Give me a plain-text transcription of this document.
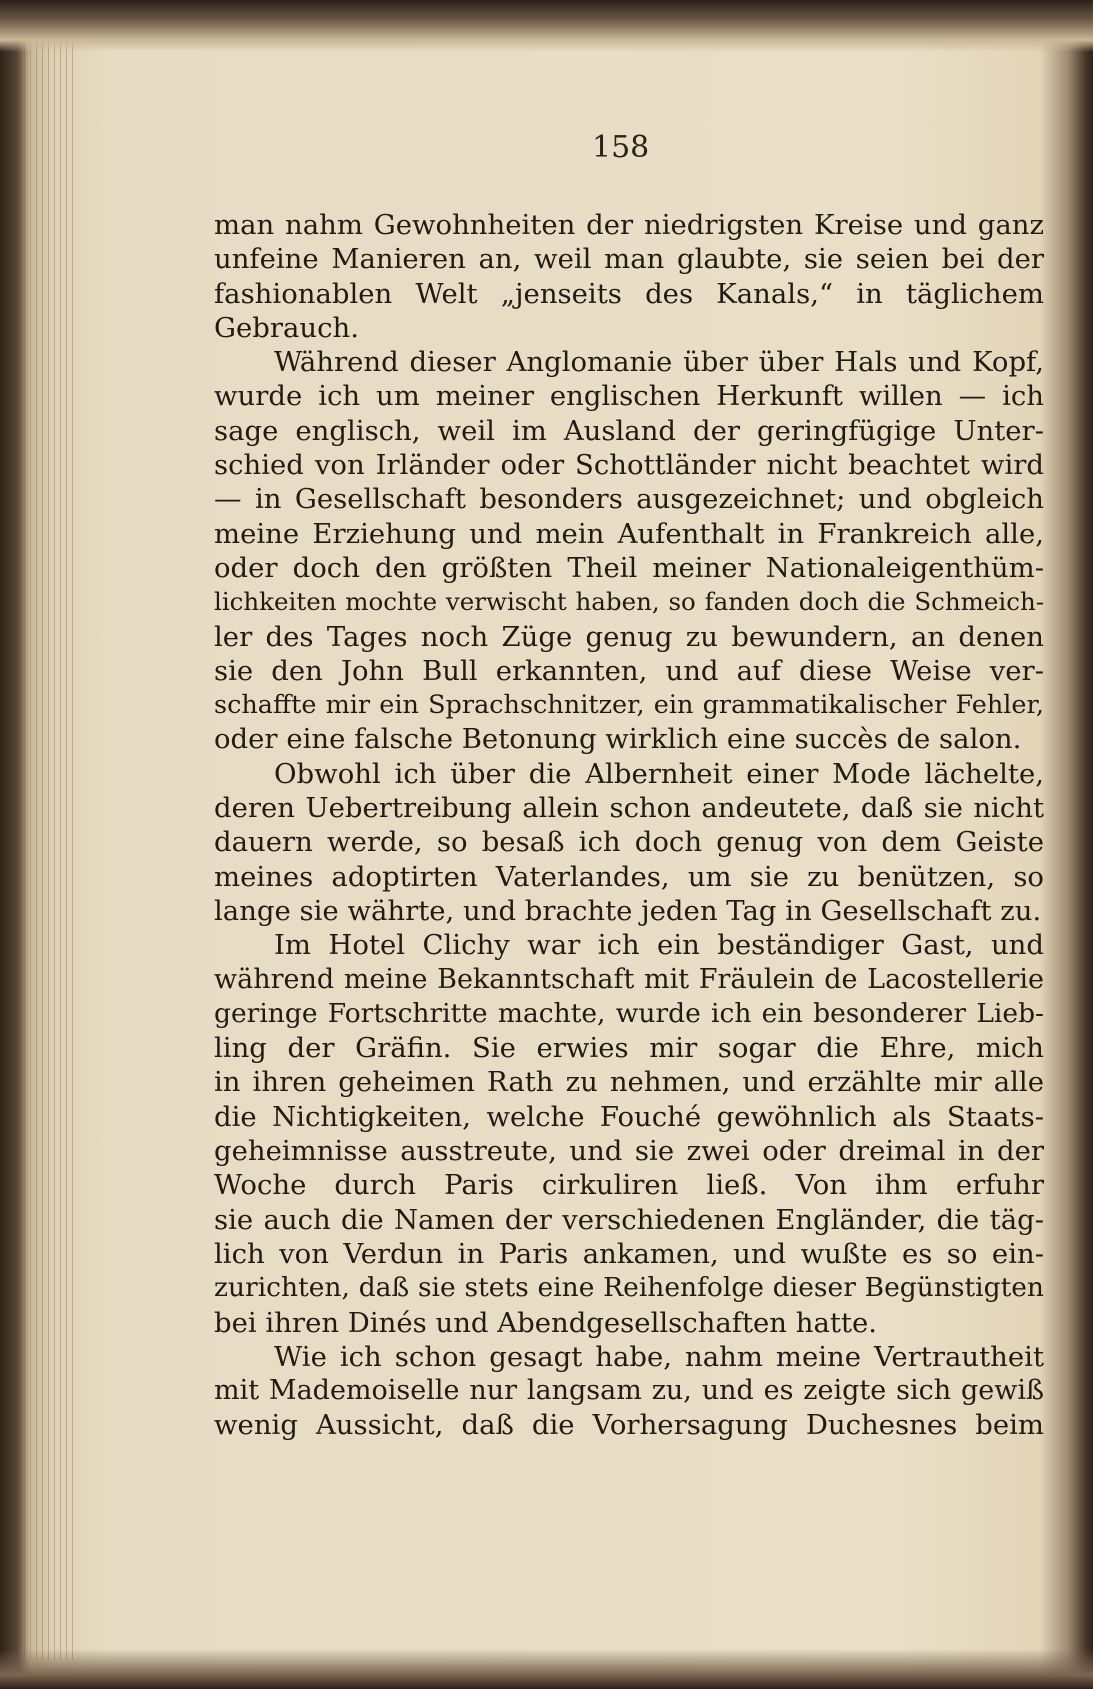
158
man nahm Gewohnheiten der niedrigsten Kreise und ganz
unfeine Manieren an, weil man glaubte, sie seien bei der
fashionablen Welt „jenseits des Kanals,“ in täglichem
Gebrauch.
Während dieser Anglomanie über über Hals und Kopf,
wurde ich um meiner englischen Herkunft willen — ich
sage englisch, weil im Ausland der geringfügige Unter-
schied von Irländer oder Schottländer nicht beachtet wird
— in Gesellschaft besonders ausgezeichnet; und obgleich
meine Erziehung und mein Aufenthalt in Frankreich alle,
oder doch den größten Theil meiner Nationaleigenthüm-
lichkeiten mochte verwischt haben, so fanden doch die Schmeich-
ler des Tages noch Züge genug zu bewundern, an denen
sie den John Bull erkannten, und auf diese Weise ver-
schaffte mir ein Sprachschnitzer, ein grammatikalischer Fehler,
oder eine falsche Betonung wirklich eine succès de salon.
Obwohl ich über die Albernheit einer Mode lächelte,
deren Uebertreibung allein schon andeutete, daß sie nicht
dauern werde, so besaß ich doch genug von dem Geiste
meines adoptirten Vaterlandes, um sie zu benützen, so
lange sie währte, und brachte jeden Tag in Gesellschaft zu.
Im Hotel Clichy war ich ein beständiger Gast, und
während meine Bekanntschaft mit Fräulein de Lacostellerie
geringe Fortschritte machte, wurde ich ein besonderer Lieb-
ling der Gräfin. Sie erwies mir sogar die Ehre, mich
in ihren geheimen Rath zu nehmen, und erzählte mir alle
die Nichtigkeiten, welche Fouché gewöhnlich als Staats-
geheimnisse ausstreute, und sie zwei oder dreimal in der
Woche durch Paris cirkuliren ließ. Von ihm erfuhr
sie auch die Namen der verschiedenen Engländer, die täg-
lich von Verdun in Paris ankamen, und wußte es so ein-
zurichten, daß sie stets eine Reihenfolge dieser Begünstigten
bei ihren Dinés und Abendgesellschaften hatte.
Wie ich schon gesagt habe, nahm meine Vertrautheit
mit Mademoiselle nur langsam zu, und es zeigte sich gewiß
wenig Aussicht, daß die Vorhersagung Duchesnes beim
